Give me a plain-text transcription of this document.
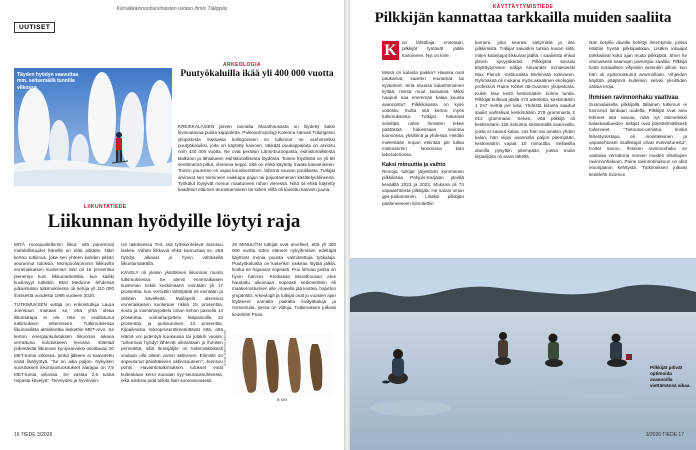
Kärsäkkäinnonharvinaisten usoten ihmis Tiälippäs
UUTISET
Täyden hyödyn saavuttaa mm. seitsemällä tunnilla viikossa.
LIIKUNTATIEDE
Liikunnan hyödyille löytyi raja

MITÄ mompuolellomin liikut, sitä paremmat mahdollisuudet hänellä on elää pitkään. Näin kertoo tutkimus, joka sen yhteen kahden pitkän seurannut tuloksia. Mompuolisommin liikkuvilla ennenaikaisen kuoleman riski oli 19 prosenttia pienempi kuin liikkumattomilla, kun kaikki kuolinsyyt tutkittiin. BMJ Medicine -lehdessä julkaistussa tutkimuksessa oli tietoja yli 110 000 ihmisestä vuodesta 1986 vuoteen 2020.

TUTKIMUKSEN vetäjä on erikoistutkija Laura Joensuun mukaan se, että yhtä oleaa liikuntatapa ei ole. Hän ei osallistunut tutkimuksen tekemiseen. Tutkimuksessa liikunnallista aktiviteettia laskettiin MET-arvo. Se kertoo energiankulutuksen liikunnan aikana verrattuna kulutukseen levossa. Elämää pidentävää liikunnan kyniysarvoksi osoittautui 20 MET-tuntia viikossa, jonka jälkeen ei saavutettu enää lisähyötyä. "Se on aika paljon. Nykyisen suosituksen liikuntaosuositukset alarajaa on 7,5 MET-tuntia viikossa. Se vastaa 2,5 tuntia reipasta kävelyä", Terveyden ja hyvinvoin-

nin laitoksessa THL ssä työskentelevä Joensuu laskee. Vähän liikkuvia ehkä kannustaa se, että hyödyt alkavat jo hyvin vähäisellä liikuntamäärällä.

KÄVELY oli yleisin yksittäinen liikunnan muoto tutkimuksessa. Se alensi ennenaikaisen kuoleman riskiä keskimäärin enintään yli 17 prosenttia, kun verrattiin lähtöpäitä eli enintään ja vähiten kävelleitä. Mailapelit alensivat ennenaikaisen kuoleman riskiä 15 prosenttia, soutu ja voimaharjoittelu oman kehon painolla 14 prosenttia, voimaharjoittelu lisäpainoilla 13 prosenttia ja juoksuminen 13 prosenttia. Kilpailevista mikroprosenttimerkittävät että, että elämä voi pidentyä kuukausia tai jotakin vuosia. "Liikunnan hyödyt lähtevät oikeastaan jo ihmisen perimästä, sillä ihmisjäljile on todennäköisesti voidaan olla oikein varsin aktiivinen. Elimistö on sopeutunut päivittäiseen aktiivisuuteen", Joensuu pohtii. Havaintotutkimuksen tulokset eivät kuitenkaan kerro suoraan syy-seuraussuhteesta, eikä tuloksia pidä tulkita liian suoraviivaisesti.

ARKEOLOGIA
Puutyökaluilla ikää yli 400 000 vuotta
KREIKKALAISEN järven rannalta Marathousasta on löydetty kaksi kivinoutavaa puista kappaletta. Paleoantropologi Katerina Harvati Tübingenin yliopistosta Saksasta kollegoineen on tulkinnut ne vanhimmiksi puutyökaluiksi, joita on käytetty kaivoon. Iäkkäät puukappaleita on arvioitu noin 430 000 vuotta. Ne ovat peräisin Länsi-Euroopasta, esihistoriallisesta Balkanin ja lähialueen esihistoriallisesta löydöstä. Toinen löydöistä on yli 80 senttimetriä pitkä, oheneva keppi. Sitä on ehkä käytetty maata kaivamiseen. Toinen puuesine on vajaa kuusisenttinen, lähinnä sauvan puolikasta. Tutkijat arvioivat sen toimineen vaikkapa pajun tai pajuntaimenen käsittelyvälineenä. Työkalut löytyivät norsun maatuneen ruhon vieressä. Niitä oli ehkä käytetty kaadetun eläimen teurastamiseen tai siihen niillä oli kaivettu kasvien juuria.
20 MINUUTIN tutkijat ovat arvelleet, että yli 300 000 vuotta sitten eläneet nykyihmisen edeltäjät käyttivät monia puusta valmistettuja työkaluja. Puutyökaluista on kuitenkin vaikeaa löytää jälkiä, koska ne hajoavat nopeasti. Puu lahoaa joissa on hyvin harvoin. Kreikassa Marathousan alue haudattu aikoinaan nopeasti sedimenttien eli maakerrostumien alle. Alueella jää kostea, hapeton ympäristö. Arkeologit ja tutkijat ovat jo vuosien ajan löytäneet samalta paikalta kivityökaluja ja norsunluita, joissa on viiltoja. Tutkimuksen julkaisi tiedelehti Pnas.
Kuvat: Katerina Harvati
5 cm
16 TIEDE 3/2026
KÄYTTÄYTYMISTIEDE
Pilkkijän kannattaa tarkkailla muiden saaliita
K	un lähtöliaja ennetaan, pilkkijät tyntävät jäälle kairoineen. Nyt on kiire.
Missä on kalasta paikka? Haussa ovat paukamat, saarten reunamat tai syvänteet. Sinä sivussa kalanhimoinen kyltää, missä muut kairaavat. Miksi naapuri saa enemmän kalaa kuusta avannosta? Pilkkikisassa on kyse voitosta, mutta sitä kertoo myös tutkimuksesta. Tutkijat halusivat selvittää, miten ihmisten tekee päätöksiä hakiessaan ravintoa luonnossa, yksilöinä ja yhdessä. Heidän mielestään nopan etsintää piti tutkia mieluummin luonnossa kuin laboratoriossa.
Kaksi minuuttia ja vaihto
Rinnoja tutkijat järjestivät kymmenen pilkkikisaa Pohjois-Karjalan järvillä keväällä 2022 ja 2023. Mukana oli 74 vapaaehtoista pilkkijää. He saivat oman gps-paikantimen. Lisäksi pilkkijän päähineeseen kiinnitettiin
kamera, joka seurasi sietymisiä ja itse pilkkimistä. Tutkijat saivatkin tarkan kuvan siitä, miten kalastajat liikkuivat jäällä. I saaliirista ehkat järven syvyyskartat. Pilkkijöitä seurasi käyttäytymisen tutkija Alexander Schakowski Max Planck -instituutista Berliinistä toimineen. Ryhmässä oli mukana myös akaatinen ekologian professori Raine Kortet Itä-Suomen yliopistosta. Kukin kisa kesti keskimäärin kolme tuntia. Pilkkijät kulkivat jäällä 473 askeletta, keskimäärin 1 247 metriä per kisa. Yhdestä kisasta saaduit saaliit vaihtelivat keskimäärin 279 grammasta 2 012 grammaan. Selvisi, että pilkkijä oli keskimäärin 126 sekuntia seitsemällä avannoilla, joista ei saanut kalaa. Jos hän sai ainakin yhden kalan, hän viipyi avannolla paljon pitempään, keskimäärin vajaat 10 minuuttia. Sellaisilla alueilla pysyttiin pitempään, joissa muita kilpailijoita oli aivan lähellä.
Nän tietyille alueille kehittyi ilmentymiä, joissa etsittiin hyvää pilkkipaikkaa. Lisäksi kisaajat tarkkailivat koko ajan muita pilkkijöitä. Shen he ominaisesti saamaan parempia saaliita. Pilkkijä luotti sosiaalisen vihjeisiin varsinkin silloin, kun hän oli epäonnistunut avannollaan. Vihjeiden käyttöä pääjärvä kuitenkin selvisi yksilöiden välisiä eroja.
Ihmisen ravinnonhaku vaativaa
Suomalaisella pilkkijällä tällainen tutkimus ei tunnunut lainkaan uudelta. Pilkkijät ovat aina tehneet sitä samaa, mitä nyt esimerkiksi kalastusalueiden tutkijat ovat järjestelmällisesti todenneet. "Tietoutus-onnistui, koska lähestymistapa eli monitieteinen ja vapaaehtoiset osallistujat olivat motivoituneita", Kortet sanoo. Ihmisen ravinnonhaku on vaativaa verrattuna monien muiden eläinlajien ravinnonhakuun. Paine ravinnonhakuun on ollut eloonjäänin kehitystä. Tutkimuksen julkaisi tiedelehti Science.
Pilkkijät pitivät optimoida avannoilla viettämänsä aikaa.
3/2026 TIEDE 17
